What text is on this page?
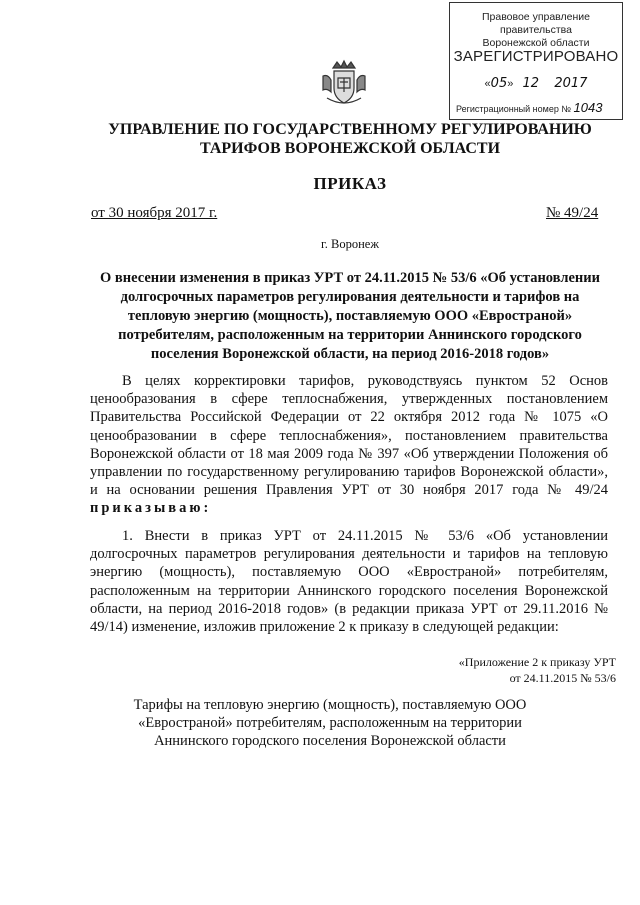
Правовое управление правительства
Воронежской области
ЗАРЕГИСТРИРОВАНО
«05»   12 2017
Регистрационный номер № 1043
УПРАВЛЕНИЕ ПО ГОСУДАРСТВЕННОМУ РЕГУЛИРОВАНИЮ
ТАРИФОВ ВОРОНЕЖСКОЙ ОБЛАСТИ
ПРИКАЗ
от 30 ноября 2017 г.	№ 49/24
г. Воронеж
О внесении изменения в приказ УРТ от 24.11.2015 № 53/6 «Об установлении долгосрочных параметров регулирования деятельности и тарифов на тепловую энергию (мощность), поставляемую ООО «Евространой» потребителям, расположенным на территории Аннинского городского поселения Воронежской области, на период 2016-2018 годов»
В целях корректировки тарифов, руководствуясь пунктом 52 Основ ценообразования в сфере теплоснабжения, утвержденных постановлением Правительства Российской Федерации от 22 октября 2012 года № 1075 «О ценообразовании в сфере теплоснабжения», постановлением правительства Воронежской области от 18 мая 2009 года № 397 «Об утверждении Положения об управлении по государственному регулированию тарифов Воронежской области», и на основании решения Правления УРТ от 30 ноября 2017 года № 49/24 приказываю:
1. Внести в приказ УРТ от 24.11.2015 № 53/6 «Об установлении долгосрочных параметров регулирования деятельности и тарифов на тепловую энергию (мощность), поставляемую ООО «Евространой» потребителям, расположенным на территории Аннинского городского поселения Воронежской области, на период 2016-2018 годов» (в редакции приказа УРТ от 29.11.2016 № 49/14) изменение, изложив приложение 2 к приказу в следующей редакции:
«Приложение 2 к приказу УРТ
от 24.11.2015 № 53/6
Тарифы на тепловую энергию (мощность), поставляемую ООО «Евространой» потребителям, расположенным на территории Аннинского городского поселения Воронежской области
